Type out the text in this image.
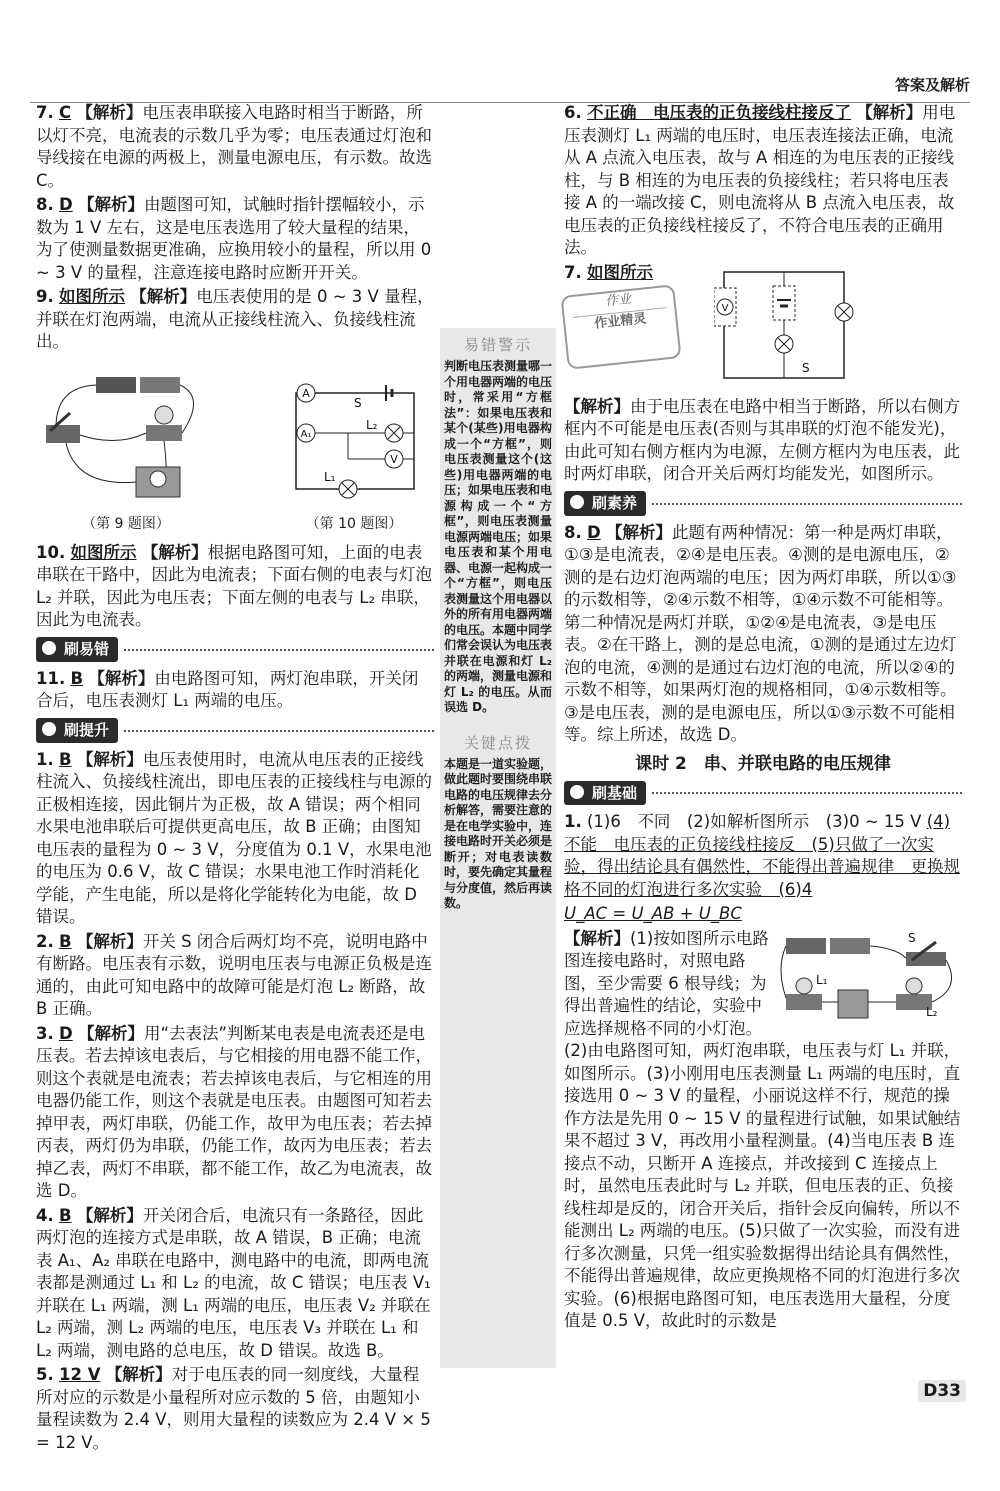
答案及解析

7. C 【解析】电压表串联接入电路时相当于断路，所以灯不亮，电流表的示数几乎为零；电压表通过灯泡和导线接在电源的两极上，测量电源电压，有示数。故选 C。

8. D 【解析】由题图可知，试触时指针摆幅较小，示数为 1 V 左右，这是电压表选用了较大量程的结果，为了使测量数据更准确，应换用较小的量程，所以用 0 ~ 3 V 的量程，注意连接电路时应断开开关。

9. 如图所示 【解析】电压表使用的是 0 ~ 3 V 量程，并联在灯泡两端，电流从正接线柱流入、负接线柱流出。

（第 9 题图）
A
A₁
S
L₂
V
L₁
（第 10 题图）

10. 如图所示 【解析】根据电路图可知，上面的电表串联在干路中，因此为电流表；下面右侧的电表与灯泡 L₂ 并联，因此为电压表；下面左侧的电表与 L₂ 串联，因此为电流表。

刷易错

11. B 【解析】由电路图可知，两灯泡串联，开关闭合后，电压表测灯 L₁ 两端的电压。

刷提升

1. B 【解析】电压表使用时，电流从电压表的正接线柱流入、负接线柱流出，即电压表的正接线柱与电源的正极相连接，因此铜片为正极，故 A 错误；两个相同水果电池串联后可提供更高电压，故 B 正确；由图知电压表的量程为 0 ~ 3 V，分度值为 0.1 V，水果电池的电压为 0.6 V，故 C 错误；水果电池工作时消耗化学能，产生电能，所以是将化学能转化为电能，故 D 错误。

2. B 【解析】开关 S 闭合后两灯均不亮，说明电路中有断路。电压表有示数，说明电压表与电源正负极是连通的，由此可知电路中的故障可能是灯泡 L₂ 断路，故 B 正确。

3. D 【解析】用“去表法”判断某电表是电流表还是电压表。若去掉该电表后，与它相接的用电器不能工作，则这个表就是电流表；若去掉该电表后，与它相连的用电器仍能工作，则这个表就是电压表。由题图可知若去掉甲表，两灯串联，仍能工作，故甲为电压表；若去掉丙表，两灯仍为串联，仍能工作，故丙为电压表；若去掉乙表，两灯不串联，都不能工作，故乙为电流表，故选 D。

4. B 【解析】开关闭合后，电流只有一条路径，因此两灯泡的连接方式是串联，故 A 错误，B 正确；电流表 A₁、A₂ 串联在电路中，测电路中的电流，即两电流表都是测通过 L₁ 和 L₂ 的电流，故 C 错误；电压表 V₁ 并联在 L₁ 两端，测 L₁ 两端的电压，电压表 V₂ 并联在 L₂ 两端，测 L₂ 两端的电压，电压表 V₃ 并联在 L₁ 和 L₂ 两端，测电路的总电压，故 D 错误。故选 B。

5. 12 V 【解析】对于电压表的同一刻度线，大量程所对应的示数是小量程所对应示数的 5 倍，由题知小量程读数为 2.4 V，则用大量程的读数应为 2.4 V × 5 = 12 V。

易错警示
判断电压表测量哪一个用电器两端的电压时，常采用“方框法”：如果电压表和某个(某些)用电器构成一个“方框”，则电压表测量这个(这些)用电器两端的电压；如果电压表和电源构成一个“方框”，则电压表测量电源两端电压；如果电压表和某个用电器、电源一起构成一个“方框”，则电压表测量这个用电器以外的所有用电器两端的电压。本题中同学们常会误认为电压表并联在电源和灯 L₂ 的两端，测量电源和灯 L₂ 的电压。从而误选 D。
关键点拨
本题是一道实验题，做此题时要围绕串联电路的电压规律去分析解答，需要注意的是在电学实验中，连接电路时开关必须是断开；对电表读数时，要先确定其量程与分度值，然后再读数。

6. 不正确　电压表的正负接线柱接反了 【解析】用电压表测灯 L₁ 两端的电压时，电压表连接法正确，电流从 A 点流入电压表，故与 A 相连的为电压表的正接线柱，与 B 相连的为电压表的负接线柱；若只将电压表接 A 的一端改接 C，则电流将从 B 点流入电压表，故电压表的正负接线柱接反了，不符合电压表的正确用法。

7. 如图所示
作业
作业精灵
V
S

【解析】由于电压表在电路中相当于断路，所以右侧方框内不可能是电压表(否则与其串联的灯泡不能发光)，由此可知右侧方框内为电源，左侧方框内为电压表，此时两灯串联，闭合开关后两灯均能发光，如图所示。

刷素养

8. D 【解析】此题有两种情况：第一种是两灯串联，①③是电流表，②④是电压表。④测的是电源电压，②测的是右边灯泡两端的电压；因为两灯串联，所以①③的示数相等，②④示数不相等，①④示数不可能相等。第二种情况是两灯并联，①②④是电流表，③是电压表。②在干路上，测的是总电流，①测的是通过左边灯泡的电流，④测的是通过右边灯泡的电流，所以②④的示数不相等，如果两灯泡的规格相同，①④示数相等。③是电压表，测的是电源电压，所以①③示数不可能相等。综上所述，故选 D。

课时 2　串、并联电路的电压规律
刷基础

1. (1)6　不同　(2)如解析图所示　(3)0 ~ 15 V (4)不能　电压表的正负接线柱接反　(5)只做了一次实验，得出结论具有偶然性，不能得出普遍规律　更换规格不同的灯泡进行多次实验　(6)4

U_AC = U_AB + U_BC

S
L₁
L₂
【解析】(1)按如图所示电路图连接电路时，对照电路图，至少需要 6 根导线；为得出普遍性的结论，实验中应选择规格不同的小灯泡。(2)由电路图可知，两灯泡串联，电压表与灯 L₁ 并联，如图所示。(3)小刚用电压表测量 L₁ 两端的电压时，直接选用 0 ~ 3 V 的量程，小丽说这样不行，规范的操作方法是先用 0 ~ 15 V 的量程进行试触，如果试触结果不超过 3 V，再改用小量程测量。(4)当电压表 B 连接点不动，只断开 A 连接点，并改接到 C 连接点上时，虽然电压表此时与 L₂ 并联，但电压表的正、负接线柱却是反的，闭合开关后，指针会反向偏转，所以不能测出 L₂ 两端的电压。(5)只做了一次实验，而没有进行多次测量，只凭一组实验数据得出结论具有偶然性，不能得出普遍规律，故应更换规格不同的灯泡进行多次实验。(6)根据电路图可知，电压表选用大量程，分度值是 0.5 V，故此时的示数是
D33
